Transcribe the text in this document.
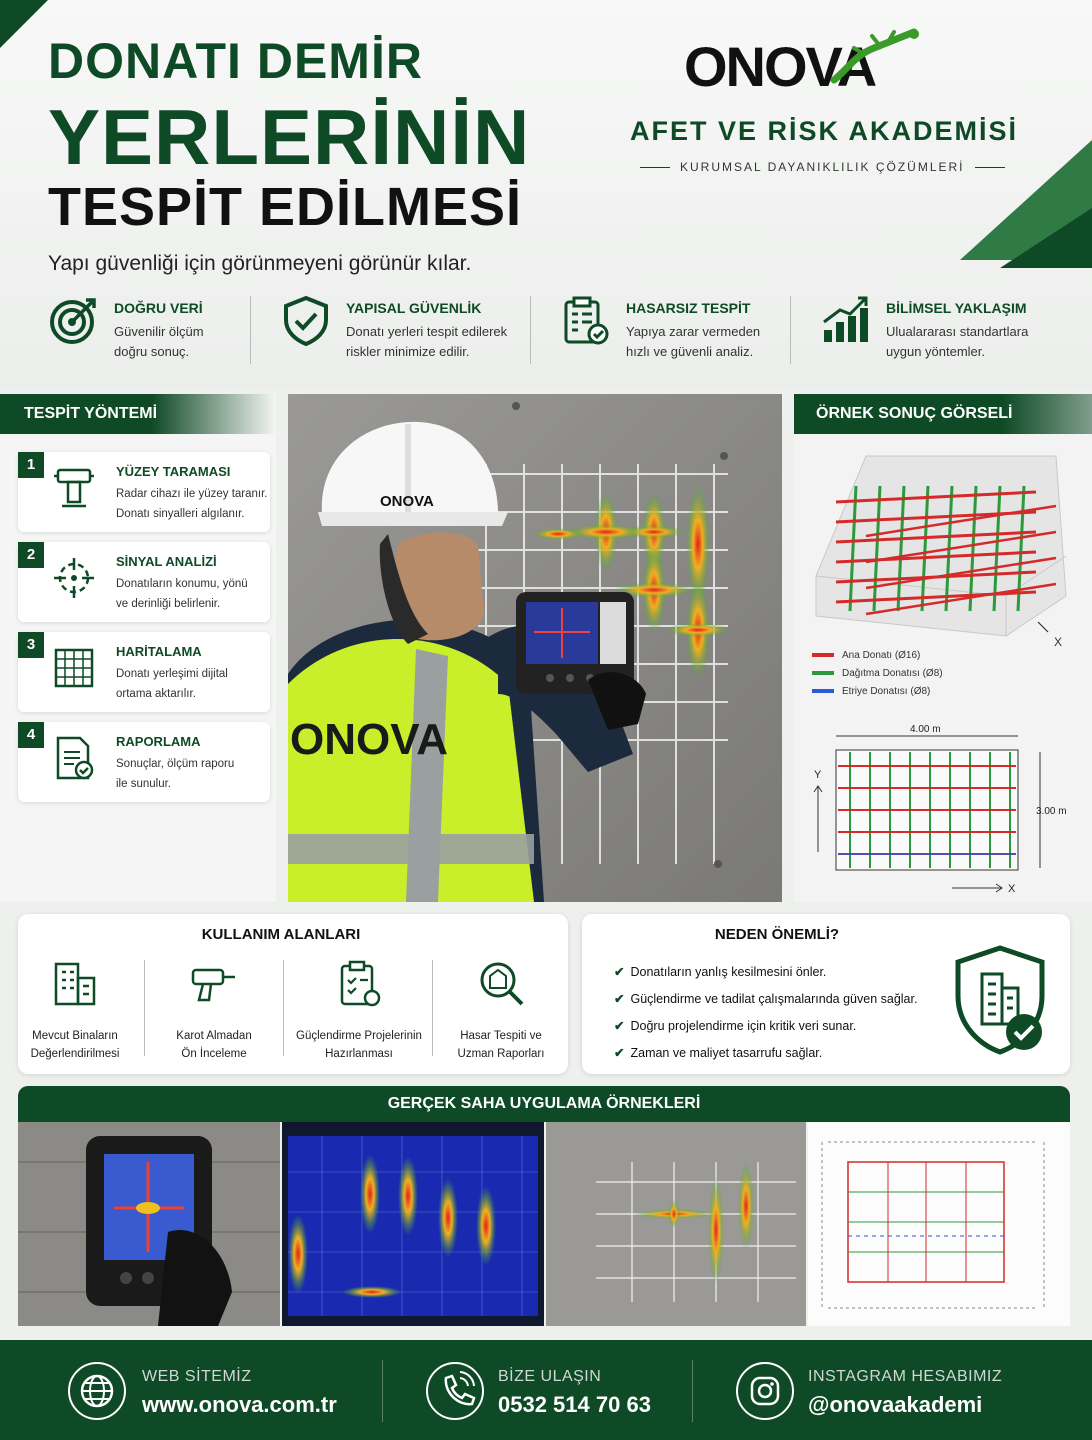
DONATI DEMİR
YERLERİNİN
TESPİT EDİLMESİ
Yapı güvenliği için görünmeyeni görünür kılar.
ONOVA
AFET VE RİSK AKADEMİSİ
KURUMSAL DAYANIKLILIK ÇÖZÜMLERİ
DOĞRU VERİ

Güvenilir ölçüm

doğru sonuç.

YAPISAL GÜVENLİK

Donatı yerleri tespit edilerek

riskler minimize edilir.

HASARSIZ TESPİT

Yapıya zarar vermeden

hızlı ve güvenli analiz.

BİLİMSEL YAKLAŞIM

Ulualararası standartlara

uygun yöntemler.

TESPİT YÖNTEMİ
1	YÜZEY TARAMASI

Radar cihazı ile yüzey taranır.
Donatı sinyalleri algılanır.

2	SİNYAL ANALİZİ

Donatıların konumu, yönü
ve derinliği belirlenir.

3	HARİTALAMA

Donatı yerleşimi dijital
ortama aktarılır.

4	RAPORLAMA

Sonuçlar, ölçüm raporu
ile sunulur.

ONOVA
ONOVA
ÖRNEK SONUÇ GÖRSELİ
X
Ana Donatı (Ø16)
Dağıtma Donatısı (Ø8)
Etriye Donatısı (Ø8)
4.00 m
3.00 m
Y
X
KULLANIM ALANLARI

Mevcut Binaların
Değerlendirilmesi

Karot Almadan
Ön İnceleme

Güçlendirme Projelerinin
Hazırlanması

Hasar Tespiti ve
Uzman Raporları

NEDEN ÖNEMLİ?
✔ Donatıların yanlış kesilmesini önler.
✔ Güçlendirme ve tadilat çalışmalarında güven sağlar.
✔ Doğru projelendirme için kritik veri sunar.
✔ Zaman ve maliyet tasarrufu sağlar.
GERÇEK SAHA UYGULAMA ÖRNEKLERİ
WEB SİTEMİZ
www.onova.com.tr
BİZE ULAŞIN
0532 514 70 63
INSTAGRAM HESABIMIZ
@onovaakademi
